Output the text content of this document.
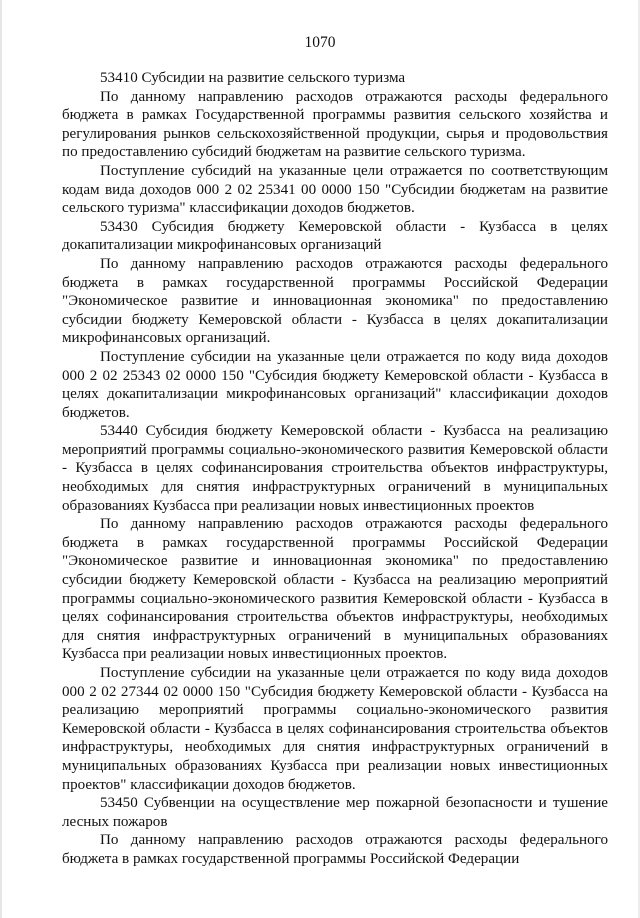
1070

53410 Субсидии на развитие сельского туризма

По данному направлению расходов отражаются расходы федерального бюджета в рамках Государственной программы развития сельского хозяйства и регулирования рынков сельскохозяйственной продукции, сырья и продовольствия по предоставлению субсидий бюджетам на развитие сельского туризма.

Поступление субсидий на указанные цели отражается по соответствующим кодам вида доходов 000 2 02 25341 00 0000 150 "Субсидии бюджетам на развитие сельского туризма" классификации доходов бюджетов.

53430 Субсидия бюджету Кемеровской области - Кузбасса в целях докапитализации микрофинансовых организаций

По данному направлению расходов отражаются расходы федерального бюджета в рамках государственной программы Российской Федерации "Экономическое развитие и инновационная экономика" по предоставлению субсидии бюджету Кемеровской области - Кузбасса в целях докапитализации микрофинансовых организаций.

Поступление субсидии на указанные цели отражается по коду вида доходов 000 2 02 25343 02 0000 150 "Субсидия бюджету Кемеровской области - Кузбасса в целях докапитализации микрофинансовых организаций" классификации доходов бюджетов.

53440 Субсидия бюджету Кемеровской области - Кузбасса на реализацию мероприятий программы социально-экономического развития Кемеровской области - Кузбасса в целях софинансирования строительства объектов инфраструктуры, необходимых для снятия инфраструктурных ограничений в муниципальных образованиях Кузбасса при реализации новых инвестиционных проектов

По данному направлению расходов отражаются расходы федерального бюджета в рамках государственной программы Российской Федерации "Экономическое развитие и инновационная экономика" по предоставлению субсидии бюджету Кемеровской области - Кузбасса на реализацию мероприятий программы социально-экономического развития Кемеровской области - Кузбасса в целях софинансирования строительства объектов инфраструктуры, необходимых для снятия инфраструктурных ограничений в муниципальных образованиях Кузбасса при реализации новых инвестиционных проектов.

Поступление субсидии на указанные цели отражается по коду вида доходов 000 2 02 27344 02 0000 150 "Субсидия бюджету Кемеровской области - Кузбасса на реализацию мероприятий программы социально-экономического развития Кемеровской области - Кузбасса в целях софинансирования строительства объектов инфраструктуры, необходимых для снятия инфраструктурных ограничений в муниципальных образованиях Кузбасса при реализации новых инвестиционных проектов" классификации доходов бюджетов.

53450 Субвенции на осуществление мер пожарной безопасности и тушение лесных пожаров

По данному направлению расходов отражаются расходы федерального бюджета в рамках государственной программы Российской Федерации
